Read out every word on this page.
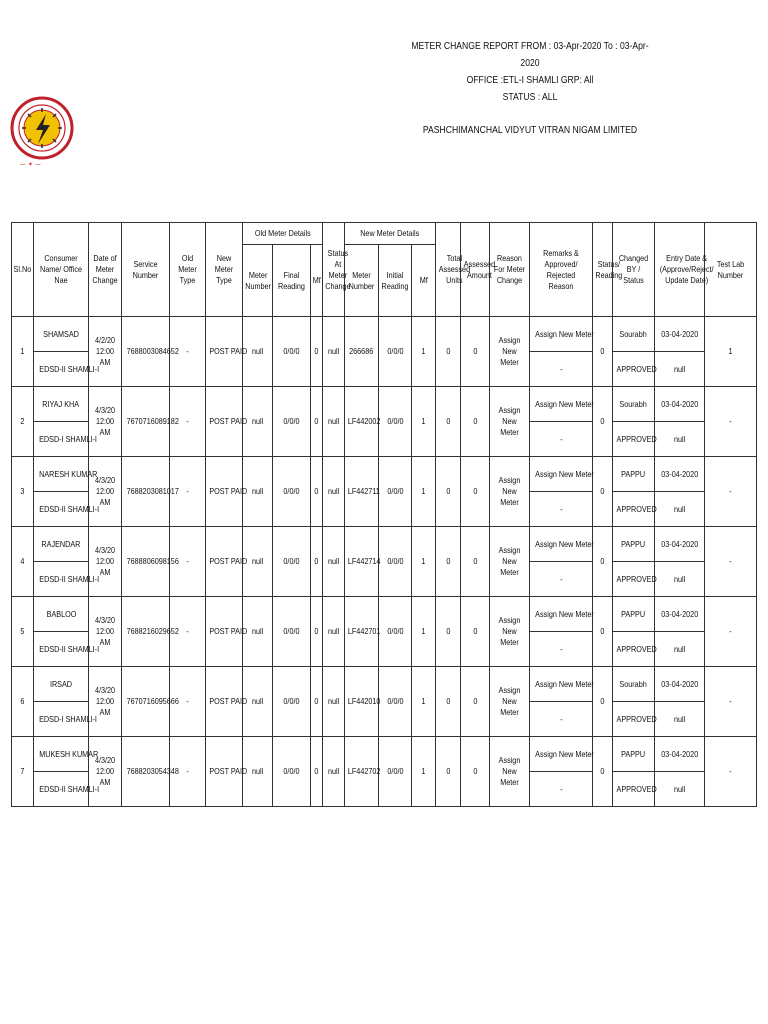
— ✶ —
METER CHANGE REPORT FROM : 03-Apr-2020 To : 03-Apr-2020
OFFICE :ETL-I SHAMLI GRP: All
STATUS : ALL
PASHCHIMANCHAL VIDYUT VITRAN NIGAM LIMITED
Sl.No	Consumer Name/ Office Nae	Date of Meter Change	Service Number	Old Meter Type	New Meter Type	Old Meter Details			Status At Meter Change	New Meter Details			Total Assessed Units	Assessed Amount	Reason For Meter Change	Remarks & Approved/ Rejected Reason	Status/ Reading	Changed BY / Status	Entry Date & (Approve/Reject/ Update Date)	Test Lab Number
						Meter Number	Final Reading	Mf		Meter Number	Initial Reading	Mf								
1	SHAMSAD	4/2/20 12:00 AM	7688003084652	-	POST PAID	null	0/0/0	0	null	266686	0/0/0	1	0	0	Assign New Meter	Assign New Meter	0	Sourabh	03-04-2020	1
	EDSD-II SHAMLI-I															-		APPROVED	null	
2	RIYAJ KHA	4/3/20 12:00 AM	7670716089182	-	POST PAID	null	0/0/0	0	null	LF442002	0/0/0	1	0	0	Assign New Meter	Assign New Meter	0	Sourabh	03-04-2020	-
	EDSD-I SHAMLI-I															-		APPROVED	null	
3	NARESH KUMAR	4/3/20 12:00 AM	7688203081017	-	POST PAID	null	0/0/0	0	null	LF442711	0/0/0	1	0	0	Assign New Meter	Assign New Meter	0	PAPPU	03-04-2020	-
	EDSD-II SHAMLI-I															-		APPROVED	null	
4	RAJENDAR	4/3/20 12:00 AM	7688806098156	-	POST PAID	null	0/0/0	0	null	LF442714	0/0/0	1	0	0	Assign New Meter	Assign New Meter	0	PAPPU	03-04-2020	-
	EDSD-II SHAMLI-I															-		APPROVED	null	
5	BABLOO	4/3/20 12:00 AM	7688216029652	-	POST PAID	null	0/0/0	0	null	LF442701	0/0/0	1	0	0	Assign New Meter	Assign New Meter	0	PAPPU	03-04-2020	-
	EDSD-II SHAMLI-I															-		APPROVED	null	
6	IRSAD	4/3/20 12:00 AM	7670716095666	-	POST PAID	null	0/0/0	0	null	LF442010	0/0/0	1	0	0	Assign New Meter	Assign New Meter	0	Sourabh	03-04-2020	-
	EDSD-I SHAMLI-I															-		APPROVED	null	
7	MUKESH KUMAR	4/3/20 12:00 AM	7688203054348	-	POST PAID	null	0/0/0	0	null	LF442702	0/0/0	1	0	0	Assign New Meter	Assign New Meter	0	PAPPU	03-04-2020	-
	EDSD-II SHAMLI-I															-		APPROVED	null	
